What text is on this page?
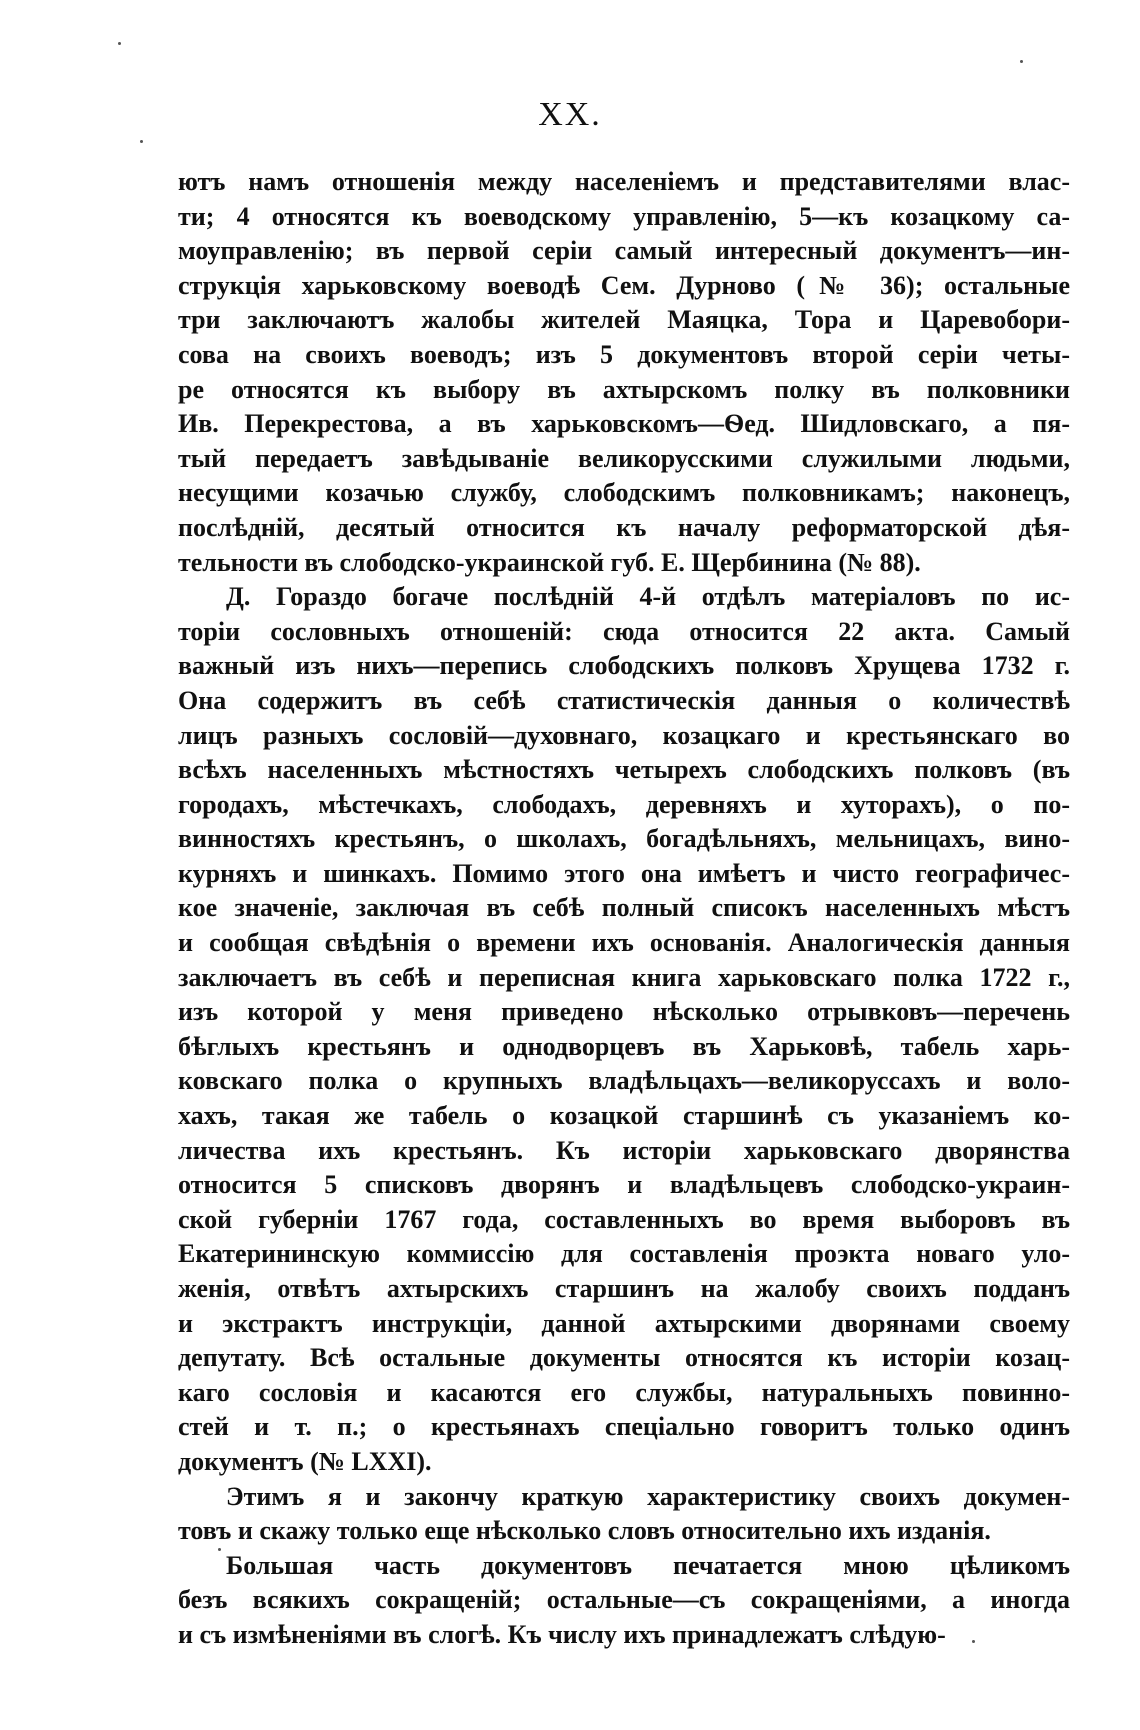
XX.
ютъ намъ отношенія между населеніемъ и представителями влас-
ти; 4 относятся къ воеводскому управленію, 5—къ козацкому са-
моуправленію; въ первой серіи самый интересный документъ—ин-
струкція харьковскому воеводѣ Сем. Дурново (№ 36); остальные
три заключаютъ жалобы жителей Маяцка, Тора и Царевобори-
сова на своихъ воеводъ; изъ 5 документовъ второй серіи четы-
ре относятся къ выбору въ ахтырскомъ полку въ полковники
Ив. Перекрестова, а въ харьковскомъ—Ѳед. Шидловскаго, а пя-
тый передаетъ завѣдываніе великорусскими служилыми людьми,
несущими козачью службу, слободскимъ полковникамъ; наконецъ,
послѣдній, десятый относится къ началу реформаторской дѣя-
тельности въ слободско-украинской губ. Е. Щербинина (№ 88).
Д. Гораздо богаче послѣдній 4-й отдѣлъ матеріаловъ по ис-
торіи сословныхъ отношеній: сюда относится 22 акта. Самый
важный изъ нихъ—перепись слободскихъ полковъ Хрущева 1732 г.
Она содержитъ въ себѣ статистическія данныя о количествѣ
лицъ разныхъ сословій—духовнаго, козацкаго и крестьянскаго во
всѣхъ населенныхъ мѣстностяхъ четырехъ слободскихъ полковъ (въ
городахъ, мѣстечкахъ, слободахъ, деревняхъ и хуторахъ), о по-
винностяхъ крестьянъ, о школахъ, богадѣльняхъ, мельницахъ, вино-
курняхъ и шинкахъ. Помимо этого она имѣетъ и чисто географичес-
кое значеніе, заключая въ себѣ полный списокъ населенныхъ мѣстъ
и сообщая свѣдѣнія о времени ихъ основанія. Аналогическія данныя
заключаетъ въ себѣ и переписная книга харьковскаго полка 1722 г.,
изъ которой у меня приведено нѣсколько отрывковъ—перечень
бѣглыхъ крестьянъ и однодворцевъ въ Харьковѣ, табель харь-
ковскаго полка о крупныхъ владѣльцахъ—великоруссахъ и воло-
хахъ, такая же табель о козацкой старшинѣ съ указаніемъ ко-
личества ихъ крестьянъ. Къ исторіи харьковскаго дворянства
относится 5 списковъ дворянъ и владѣльцевъ слободско-украин-
ской губерніи 1767 года, составленныхъ во время выборовъ въ
Екатерининскую коммиссію для составленія проэкта новаго уло-
женія, отвѣтъ ахтырскихъ старшинъ на жалобу своихъ подданъ
и экстрактъ инструкціи, данной ахтырскими дворянами своему
депутату. Всѣ остальные документы относятся къ исторіи козац-
каго сословія и касаются его службы, натуральныхъ повинно-
стей и т. п.; о крестьянахъ спеціально говоритъ только одинъ
документъ (№ LXXI).
Этимъ я и закончу краткую характеристику своихъ докумен-
товъ и скажу только еще нѣсколько словъ относительно ихъ изданія.
Большая часть документовъ печатается мною цѣликомъ
безъ всякихъ сокращеній; остальные—съ сокращеніями, а иногда
и съ измѣненіями въ слогѣ. Къ числу ихъ принадлежатъ слѣдую-
